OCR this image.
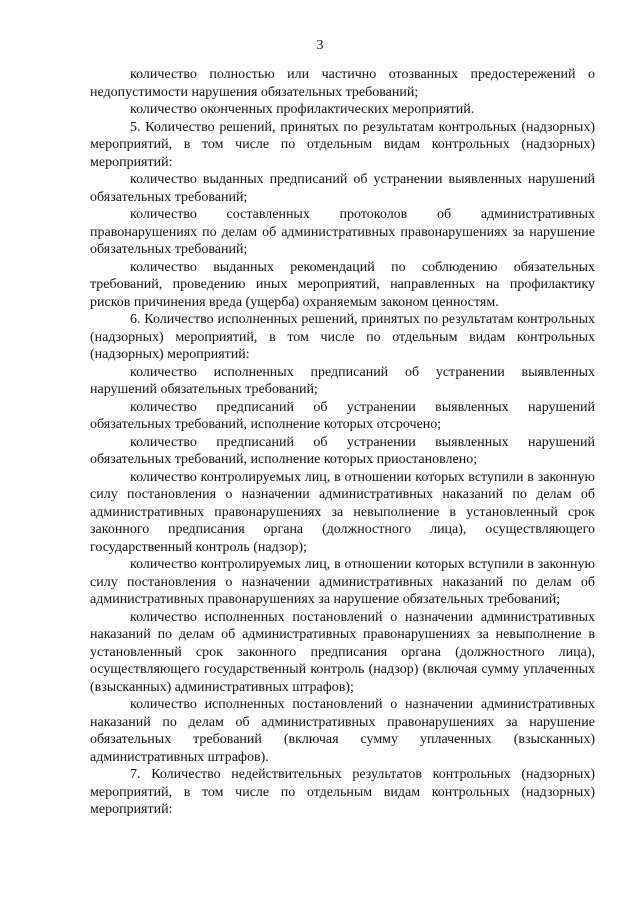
3

количество полностью или частично отозванных предостережений о недопустимости нарушения обязательных требований;

количество оконченных профилактических мероприятий.

5. Количество решений, принятых по результатам контрольных (надзорных) мероприятий, в том числе по отдельным видам контрольных (надзорных) мероприятий:

количество выданных предписаний об устранении выявленных нарушений обязательных требований;

количество составленных протоколов об административных правонарушениях по делам об административных правонарушениях за нарушение обязательных требований;

количество выданных рекомендаций по соблюдению обязательных требований, проведению иных мероприятий, направленных на профилактику рисков причинения вреда (ущерба) охраняемым законом ценностям.

6. Количество исполненных решений, принятых по результатам контрольных (надзорных) мероприятий, в том числе по отдельным видам контрольных (надзорных) мероприятий:

количество исполненных предписаний об устранении выявленных нарушений обязательных требований;

количество предписаний об устранении выявленных нарушений обязательных требований, исполнение которых отсрочено;

количество предписаний об устранении выявленных нарушений обязательных требований, исполнение которых приостановлено;

количество контролируемых лиц, в отношении которых вступили в законную силу постановления о назначении административных наказаний по делам об административных правонарушениях за невыполнение в установленный срок законного предписания органа (должностного лица), осуществляющего государственный контроль (надзор);

количество контролируемых лиц, в отношении которых вступили в законную силу постановления о назначении административных наказаний по делам об административных правонарушениях за нарушение обязательных требований;

количество исполненных постановлений о назначении административных наказаний по делам об административных правонарушениях за невыполнение в установленный срок законного предписания органа (должностного лица), осуществляющего государственный контроль (надзор) (включая сумму уплаченных (взысканных) административных штрафов);

количество исполненных постановлений о назначении административных наказаний по делам об административных правонарушениях за нарушение обязательных требований (включая сумму уплаченных (взысканных) административных штрафов).

7. Количество недействительных результатов контрольных (надзорных) мероприятий, в том числе по отдельным видам контрольных (надзорных) мероприятий:
